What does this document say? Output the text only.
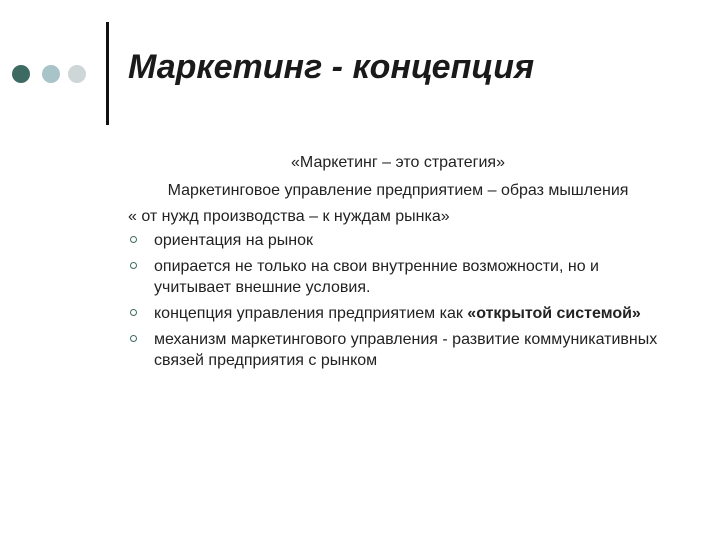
Маркетинг - концепция
«Маркетинг – это стратегия»
Маркетинговое управление предприятием – образ мышления
« от нужд производства – к нуждам рынка»
ориентация на рынок
опирается не только на свои внутренние возможности, но и учитывает внешние условия.
концепция управления предприятием как «открытой системой»
механизм маркетингового управления - развитие коммуникативных связей предприятия с рынком
